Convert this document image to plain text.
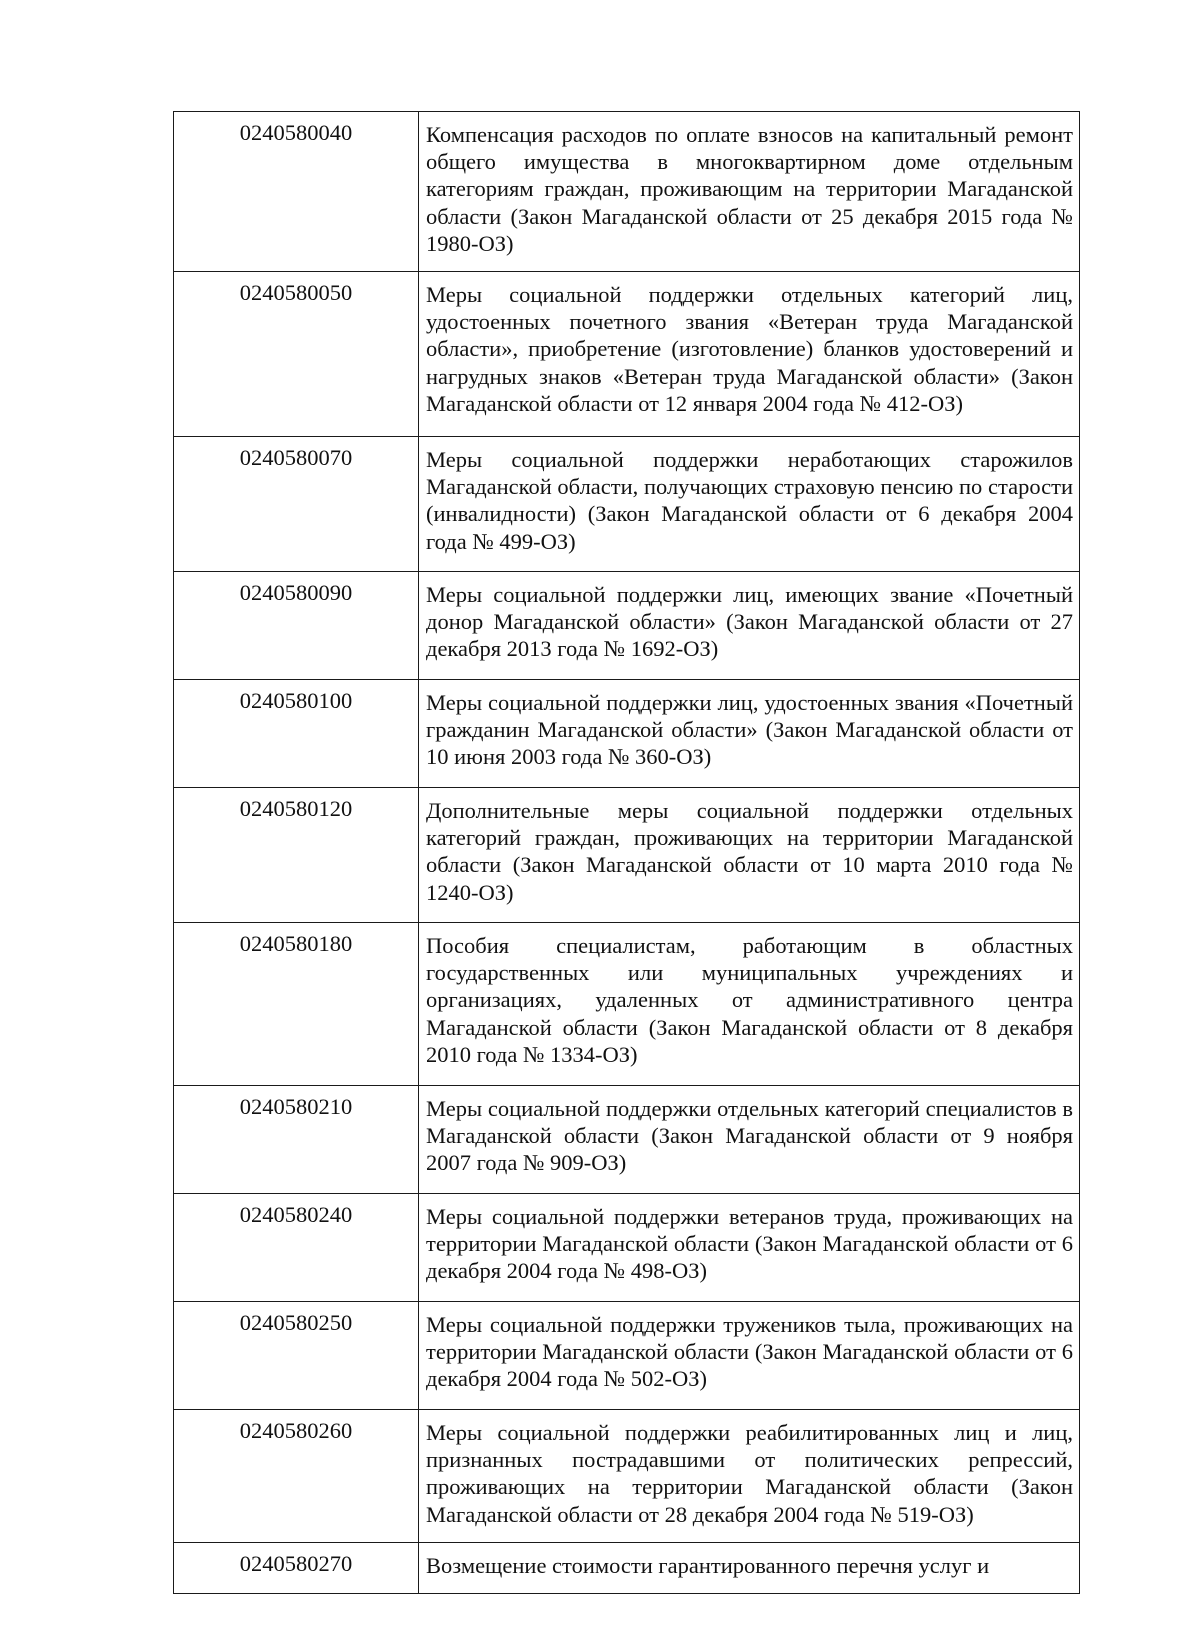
0240580040	Компенсация расходов по оплате взносов на капитальный ремонт общего имущества в многоквартирном доме отдельным категориям граждан, проживающим на территории Магаданской области (Закон Магаданской области от 25 декабря 2015 года № 1980-ОЗ)
0240580050	Меры социальной поддержки отдельных категорий лиц, удостоенных почетного звания «Ветеран труда Магаданской области», приобретение (изготовление) бланков удостоверений и нагрудных знаков «Ветеран труда Магаданской области» (Закон Магаданской области от 12 января 2004 года № 412-ОЗ)
0240580070	Меры социальной поддержки неработающих старожилов Магаданской области, получающих страховую пенсию по старости (инвалидности) (Закон Магаданской области от 6 декабря 2004 года № 499-ОЗ)
0240580090	Меры социальной поддержки лиц, имеющих звание «Почетный донор Магаданской области» (Закон Магаданской области от 27 декабря 2013 года № 1692-ОЗ)
0240580100	Меры социальной поддержки лиц, удостоенных звания «Почетный гражданин Магаданской области» (Закон Магаданской области от 10 июня 2003 года № 360-ОЗ)
0240580120	Дополнительные меры социальной поддержки отдельных категорий граждан, проживающих на территории Магаданской области (Закон Магаданской области от 10 марта 2010 года № 1240-ОЗ)
0240580180	Пособия специалистам, работающим в областных государственных или муниципальных учреждениях и организациях, удаленных от административного центра Магаданской области (Закон Магаданской области от 8 декабря 2010 года № 1334-ОЗ)
0240580210	Меры социальной поддержки отдельных категорий специалистов в Магаданской области (Закон Магаданской области от 9 ноября 2007 года № 909-ОЗ)
0240580240	Меры социальной поддержки ветеранов труда, проживающих на территории Магаданской области (Закон Магаданской области от 6 декабря 2004 года № 498-ОЗ)
0240580250	Меры социальной поддержки тружеников тыла, проживающих на территории Магаданской области (Закон Магаданской области от 6 декабря 2004 года № 502-ОЗ)
0240580260	Меры социальной поддержки реабилитированных лиц и лиц, признанных пострадавшими от политических репрессий, проживающих на территории Магаданской области (Закон Магаданской области от 28 декабря 2004 года № 519-ОЗ)
0240580270	Возмещение стоимости гарантированного перечня услуг и
